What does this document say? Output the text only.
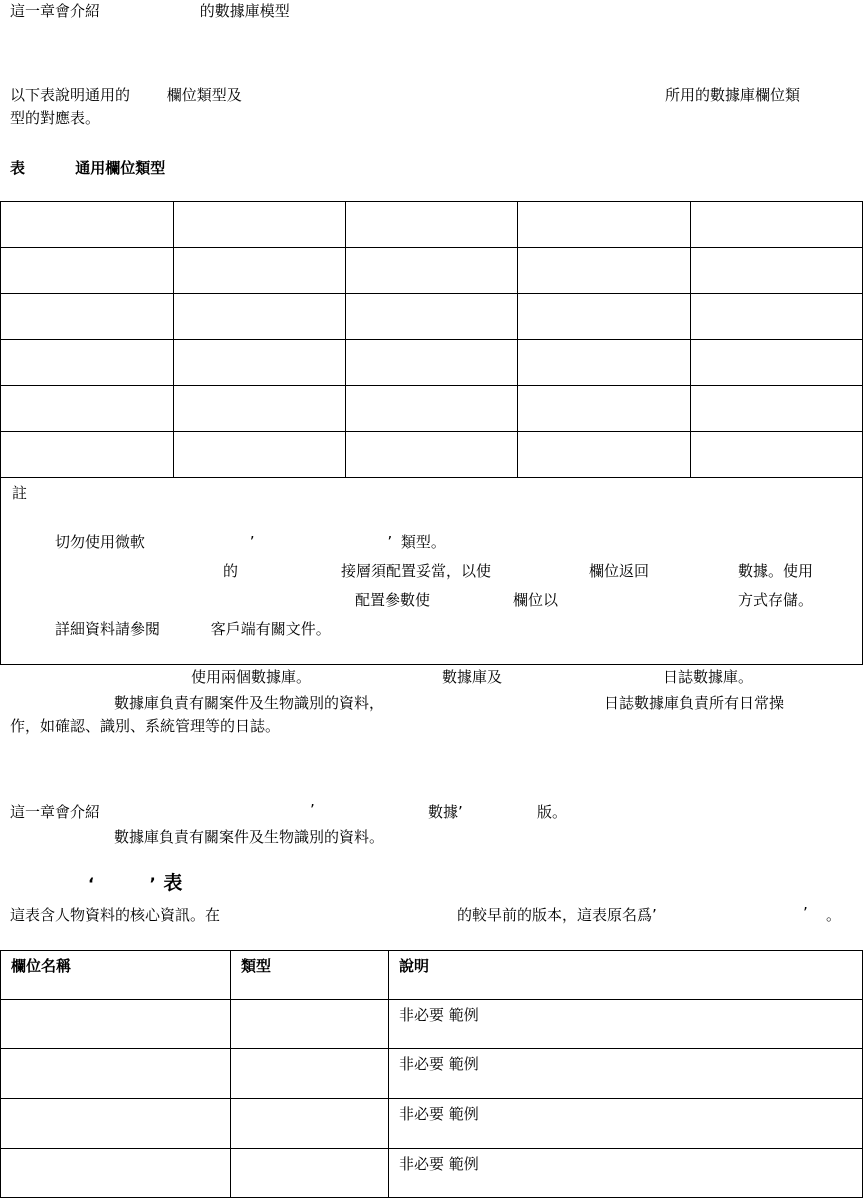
這一章會介紹	的數據庫模型
以下表說明通用的 欄位類型及	所用的數據庫欄位類
型的對應表。
表	通用欄位類型

註
切勿使用微軟	’	’ 類型。
的	接層須配置妥當，以使	欄位返回	數據。使用
配置參數使	欄位以	方式存儲。
詳細資料請參閱	客戶端有關文件。
使用兩個數據庫。	數據庫及	日誌數據庫。
數據庫負責有關案件及生物識別的資料，	日誌數據庫負責所有日常操
作，如確認、識別、系統管理等的日誌。
這一章會介紹	’	數據’	版。
數據庫負責有關案件及生物識別的資料。
‘	’ 表
這表含人物資料的核心資訊。在	的較早前的版本，這表原名爲’	’ 。
欄位名稱	類型	說明
		非必要 範例
		非必要 範例
		非必要 範例
		非必要 範例
